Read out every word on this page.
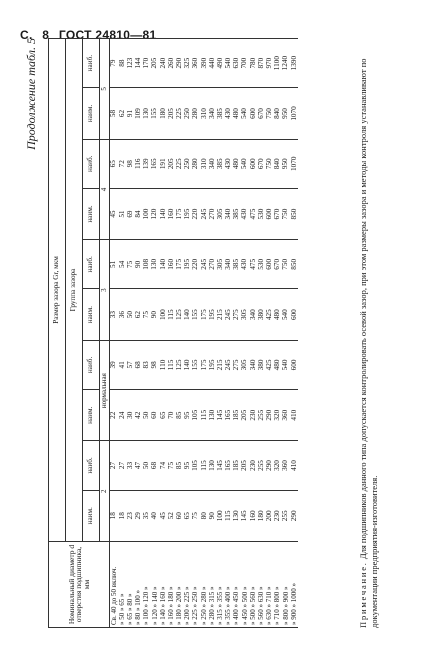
С. 8 ГОСТ 24810—81
Продолжение табл. 5
Номинальный диаметр d отверстия подшипника, мм	Размер зазора Gr, мкм									
	Группа зазора									
	наим.	наиб.	наим.	наиб.	наим.	наиб.	наим.	наиб.	наим.	наиб.
	2		нормальная		3		4		5	
Св. 40 до 50 включ.	18	27	22	39	33	51	45	65	58	79
» 50 » 65 »	18	27	24	41	36	54	51	72	62	88
» 65 » 80 »	23	33	30	57	50	75	69	98	91	123
» 80 » 100 »	29	47	42	68	62	90	84	116	109	144
» 100 » 120 »	35	50	50	83	75	108	100	139	130	170
» 120 » 140 »	40	68	60	98	90	130	120	165	155	205
» 140 » 160 »	45	74	65	110	100	140	140	191	180	240
» 160 » 180 »	52	75	70	115	115	160	160	205	205	260
» 180 » 200 »	60	85	85	125	125	175	175	225	225	290
» 200 » 225 »	65	95	95	140	140	195	195	250	250	325
» 225 » 250 »	75	105	105	155	155	220	220	280	280	360
» 250 » 280 »	80	115	115	175	175	245	245	310	310	390
» 280 » 315 »	90	130	130	195	195	270	270	340	340	440
» 315 » 355 »	100	145	145	215	215	305	305	385	385	490
» 355 » 400 »	115	165	165	245	245	340	340	430	430	540
» 400 » 450 »	130	185	185	275	275	385	385	480	480	630
» 450 » 500 »	145	205	205	305	305	430	430	540	540	700
» 500 » 560 »	160	230	230	340	340	475	475	600	600	780
» 560 » 630 »	180	255	255	380	380	530	530	670	670	870
» 630 » 710 »	200	290	290	425	425	600	600	750	750	970
» 710 » 800 »	230	320	320	480	480	670	670	840	840	1100
» 800 » 900 »	255	360	360	540	540	750	750	950	950	1240
» 900 » 1000 »	290	410	410	600	600	850	850	1070	1070	1390
Примечание. Для подшипников данного типа допускается контролировать осевой зазор, при этом размеры зазора и методы контроля устанавливают по документации предприятия-изготовителя.
